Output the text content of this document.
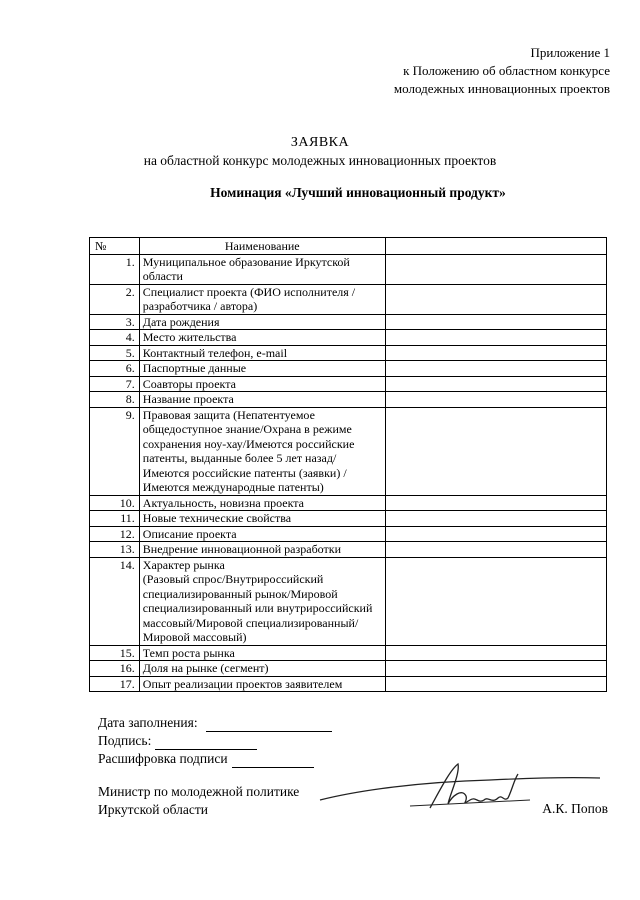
Приложение 1
к Положению об областном конкурсе
молодежных инновационных проектов
ЗАЯВКА
на областной конкурс молодежных инновационных проектов
Номинация «Лучший инновационный продукт»
№	Наименование	
1.	Муниципальное образование Иркутской области	
2.	Специалист проекта (ФИО исполнителя / разработчика / автора)	
3.	Дата рождения	
4.	Место жительства	
5.	Контактный телефон, e-mail	
6.	Паспортные данные	
7.	Соавторы проекта	
8.	Название проекта	
9.	Правовая защита (Непатентуемое общедоступное знание/Охрана в режиме сохранения ноу-хау/Имеются российские патенты, выданные более 5 лет назад/Имеются российские патенты (заявки) /Имеются международные патенты)	
10.	Актуальность, новизна проекта	
11.	Новые технические свойства	
12.	Описание проекта	
13.	Внедрение инновационной разработки	
14.	Характер рынка
(Разовый спрос/Внутрироссийский специализированный рынок/Мировой специализированный или внутрироссийский массовый/Мировой специализированный/Мировой массовый)	
15.	Темп роста рынка	
16.	Доля на рынке (сегмент)	
17.	Опыт реализации проектов заявителем	
Дата заполнения:
Подпись:
Расшифровка подписи
Министр по молодежной политике
Иркутской области	А.К. Попов
